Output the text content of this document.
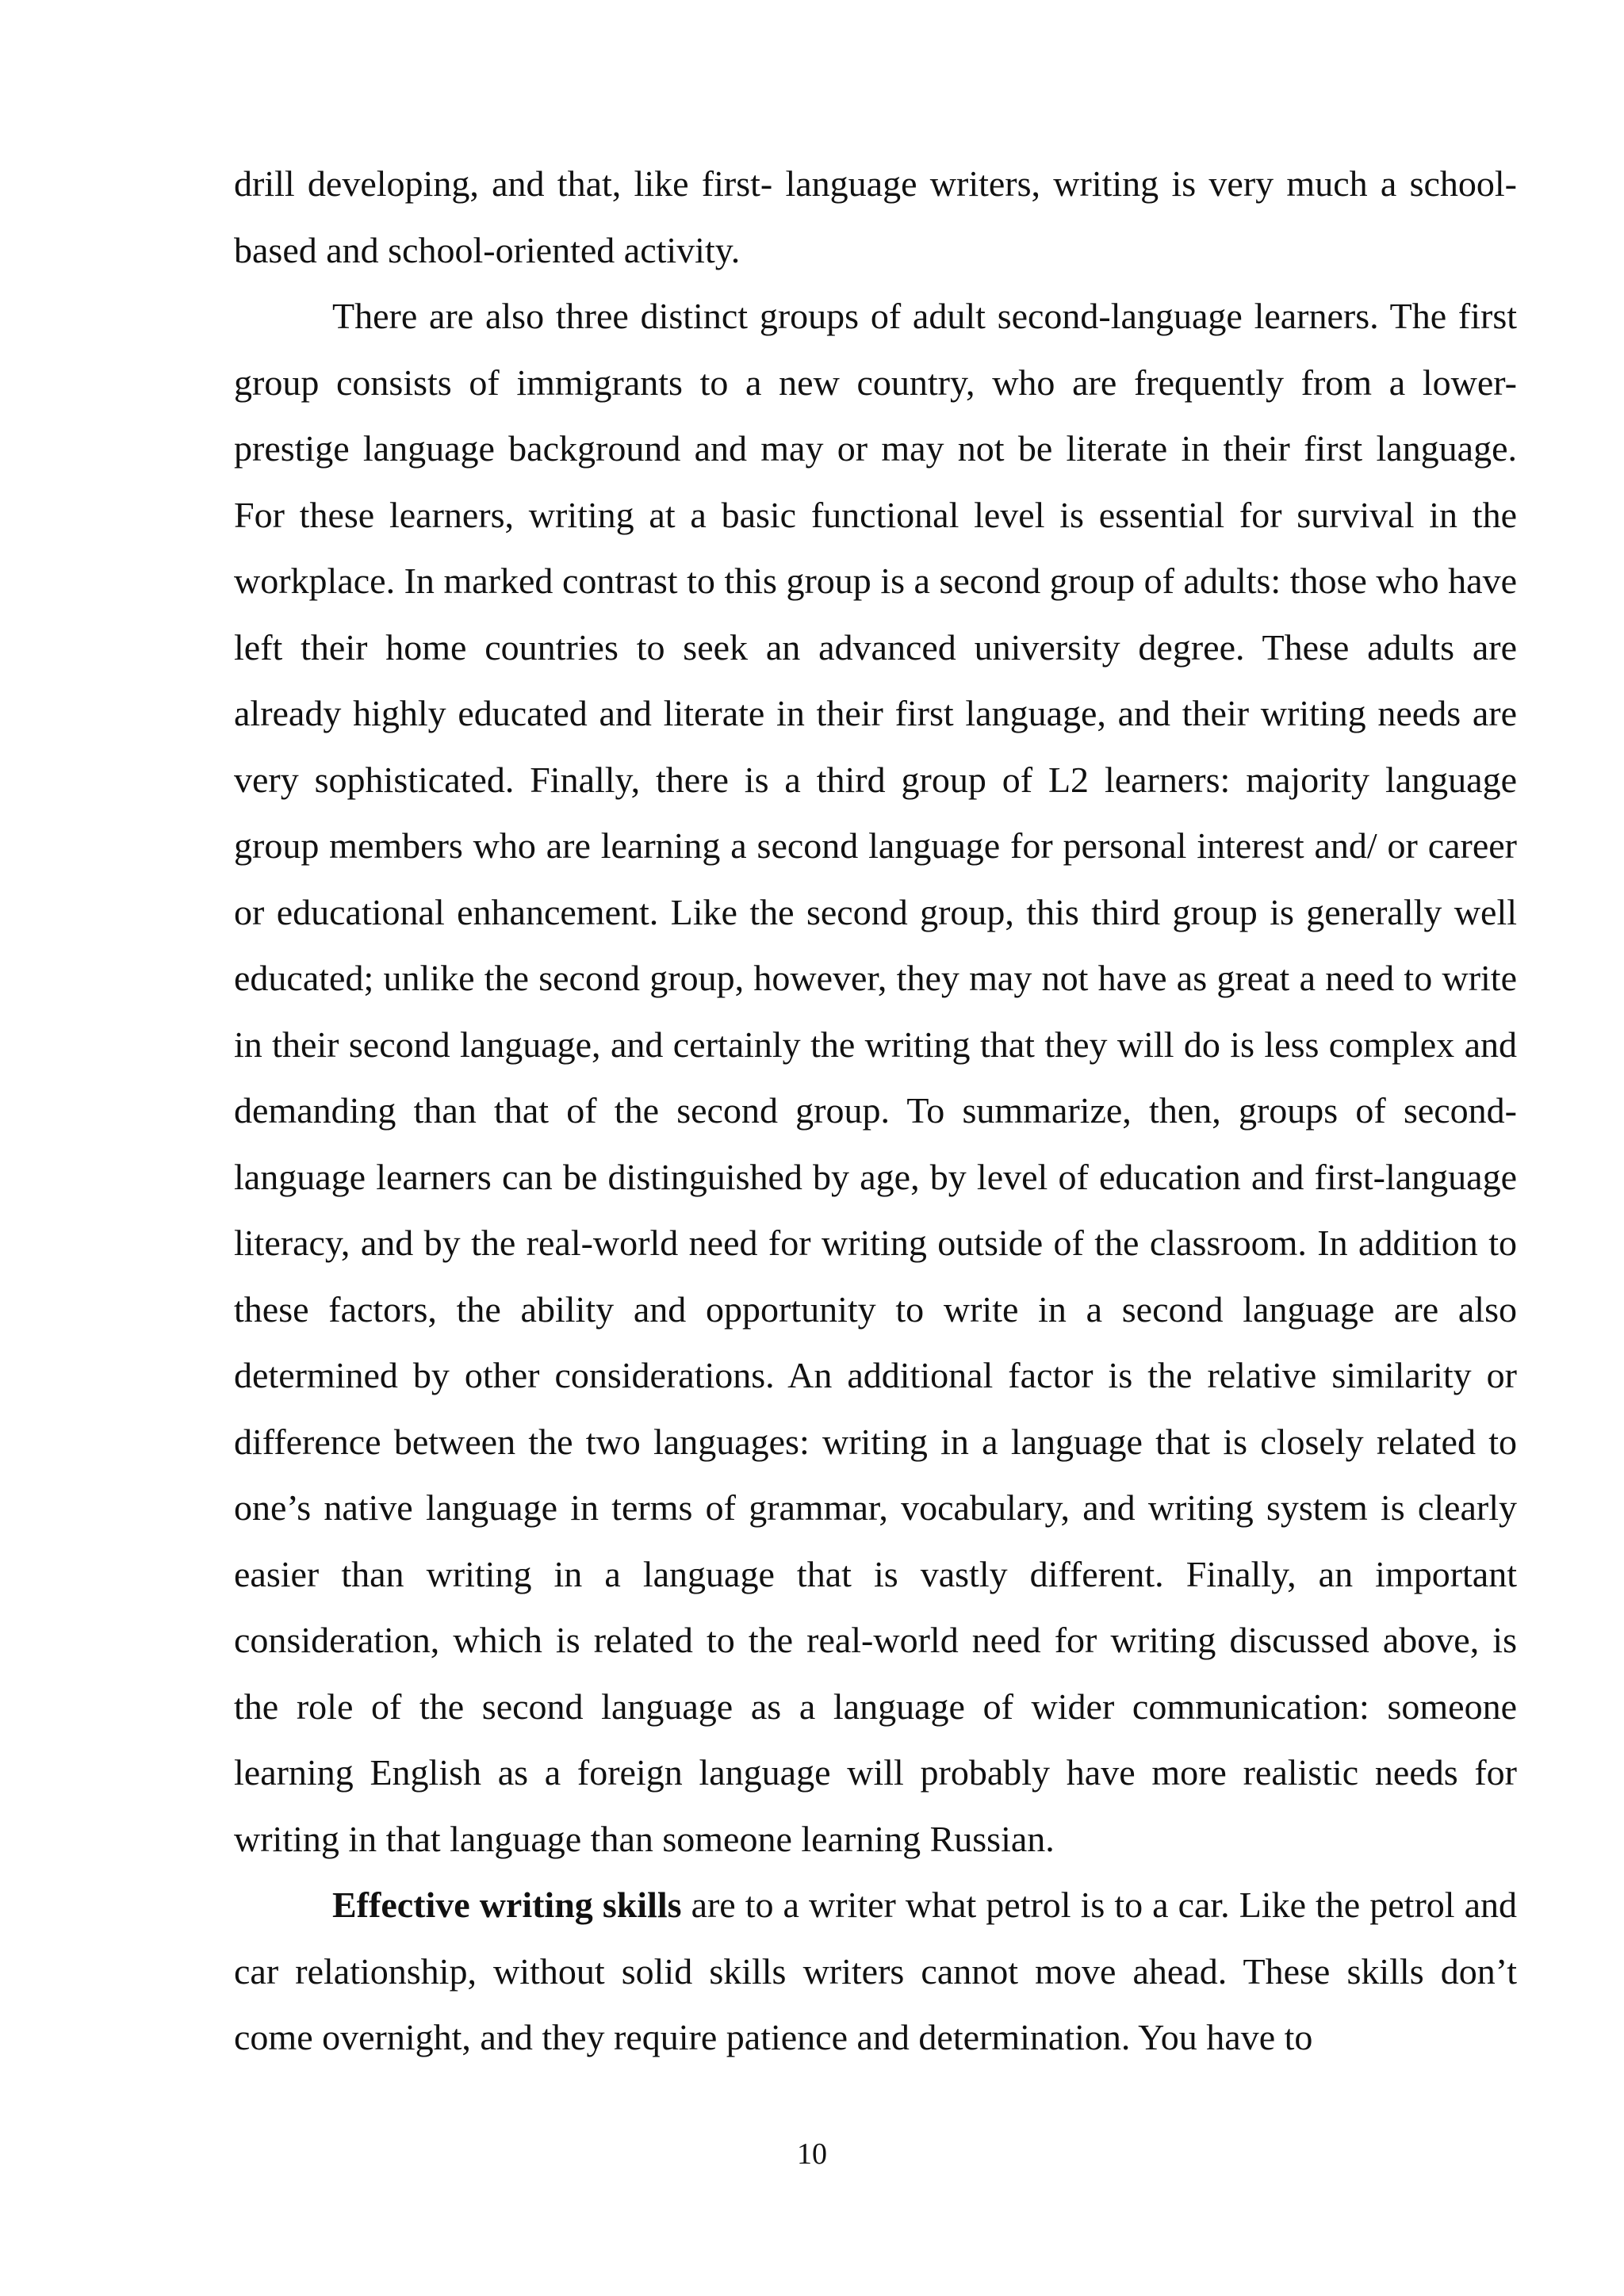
drill developing, and that, like first- language writers, writing is very much a school-based and school-oriented activity.

There are also three distinct groups of adult second-language learners. The first group consists of immigrants to a new country, who are frequently from a lower-prestige language background and may or may not be literate in their first language. For these learners, writing at a basic functional level is essential for survival in the workplace. In marked contrast to this group is a second group of adults: those who have left their home countries to seek an advanced university degree. These adults are already highly educated and literate in their first language, and their writing needs are very sophisticated. Finally, there is a third group of L2 learners: majority language group members who are learning a second language for personal interest and/ or career or educational enhancement. Like the second group, this third group is generally well educated; unlike the second group, however, they may not have as great a need to write in their second language, and certainly the writing that they will do is less complex and demanding than that of the second group. To summarize, then, groups of second-language learners can be distinguished by age, by level of education and first-language literacy, and by the real-world need for writing outside of the classroom. In addition to these factors, the ability and opportunity to write in a second language are also determined by other considerations. An additional factor is the relative similarity or difference between the two languages: writing in a language that is closely related to one’s native language in terms of grammar, vocabulary, and writing system is clearly easier than writing in a language that is vastly different. Finally, an important consideration, which is related to the real-world need for writing discussed above, is the role of the second language as a language of wider communication: someone learning English as a foreign language will probably have more realistic needs for writing in that language than someone learning Russian.

Effective writing skills are to a writer what petrol is to a car. Like the petrol and car relationship, without solid skills writers cannot move ahead. These skills don’t come overnight, and they require patience and determination. You have to

10
